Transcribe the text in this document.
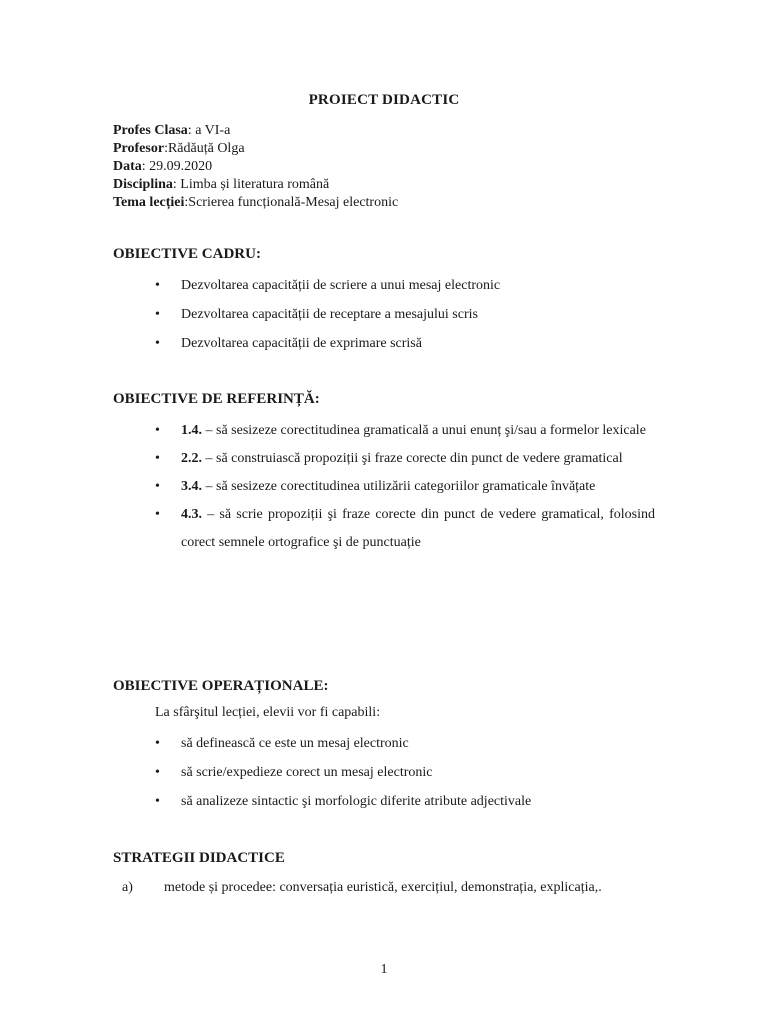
PROIECT DIDACTIC
Profes Clasa: a VI-a
Profesor:Rădăuță Olga
Data: 29.09.2020
Disciplina: Limba și literatura română
Tema lecției:Scrierea funcțională-Mesaj electronic
OBIECTIVE CADRU:
• Dezvoltarea capacității de scriere a unui mesaj electronic
• Dezvoltarea capacității de receptare a mesajului scris
• Dezvoltarea capacității de exprimare scrisă
OBIECTIVE DE REFERINȚĂ:
• 1.4. – să sesizeze corectitudinea gramaticală a unui enunț şi/sau a formelor lexicale
• 2.2. – să construiască propoziții şi fraze corecte din punct de vedere gramatical
• 3.4. – să sesizeze corectitudinea utilizării categoriilor gramaticale învățate
• 4.3. – să scrie propoziții şi fraze corecte din punct de vedere gramatical, folosind corect semnele ortografice şi de punctuație
OBIECTIVE OPERAȚIONALE:
La sfârşitul lecției, elevii vor fi capabili:
• să definească ce este un mesaj electronic
• să scrie/expedieze corect un mesaj electronic
• să analizeze sintactic şi morfologic diferite atribute adjectivale
STRATEGII DIDACTICE
a) metode și procedee: conversația euristică, exercițiul, demonstrația, explicația,.
1
